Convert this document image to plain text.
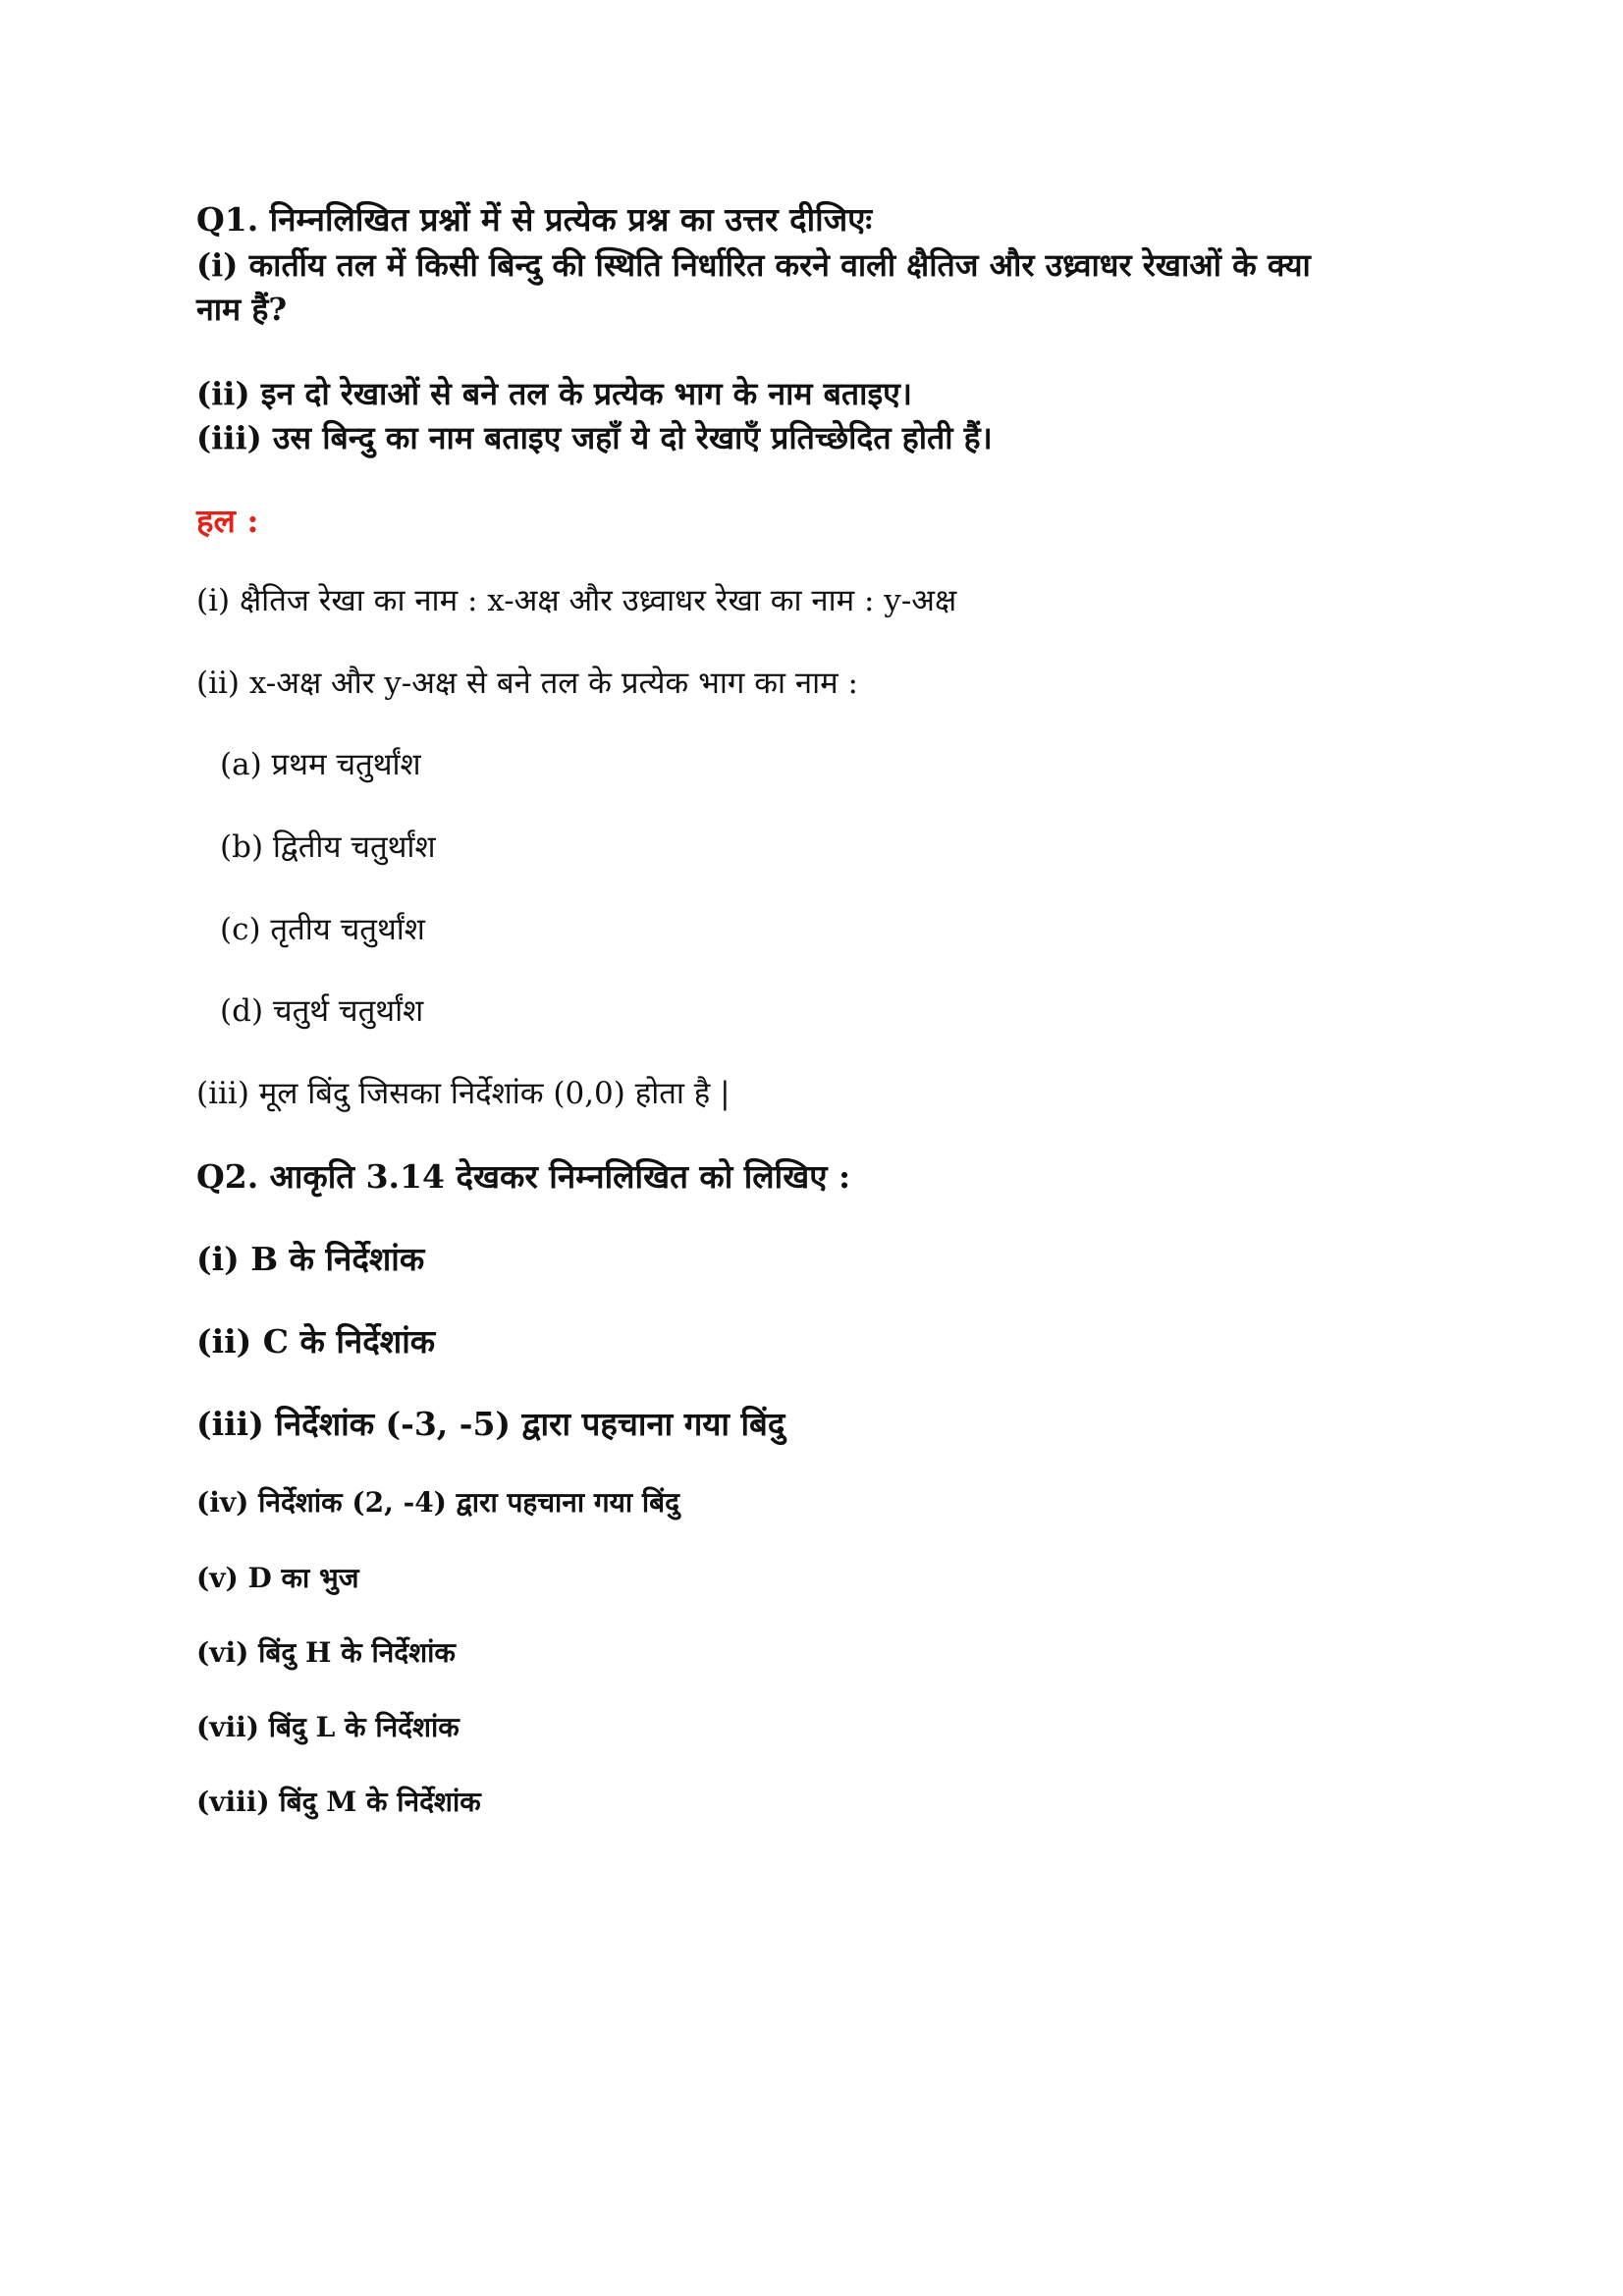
Q1. निम्नलिखित प्रश्नों में से प्रत्येक प्रश्न का उत्तर दीजिएः
(i) कार्तीय तल में किसी बिन्दु की स्थिति निर्धारित करने वाली क्षैतिज और उध्र्वाधर रेखाओं के क्या
नाम हैं?
(ii) इन दो रेखाओं से बने तल के प्रत्येक भाग के नाम बताइए।
(iii) उस बिन्दु का नाम बताइए जहाँ ये दो रेखाएँ प्रतिच्छेदित होती हैं।
हल :
(i) क्षैतिज रेखा का नाम : x-अक्ष और उध्र्वाधर रेखा का नाम : y-अक्ष
(ii) x-अक्ष और y-अक्ष से बने तल के प्रत्येक भाग का नाम :
(a) प्रथम चतुर्थांश
(b) द्वितीय चतुर्थांश
(c) तृतीय चतुर्थांश
(d) चतुर्थ चतुर्थांश
(iii) मूल बिंदु जिसका निर्देशांक (0,0) होता है |
Q2. आकृति 3.14 देखकर निम्नलिखित को लिखिए :
(i) B के निर्देशांक
(ii) C के निर्देशांक
(iii) निर्देशांक (-3, -5) द्वारा पहचाना गया बिंदु
(iv) निर्देशांक (2, -4) द्वारा पहचाना गया बिंदु
(v) D का भुज
(vi) बिंदु H के निर्देशांक
(vii) बिंदु L के निर्देशांक
(viii) बिंदु M के निर्देशांक
